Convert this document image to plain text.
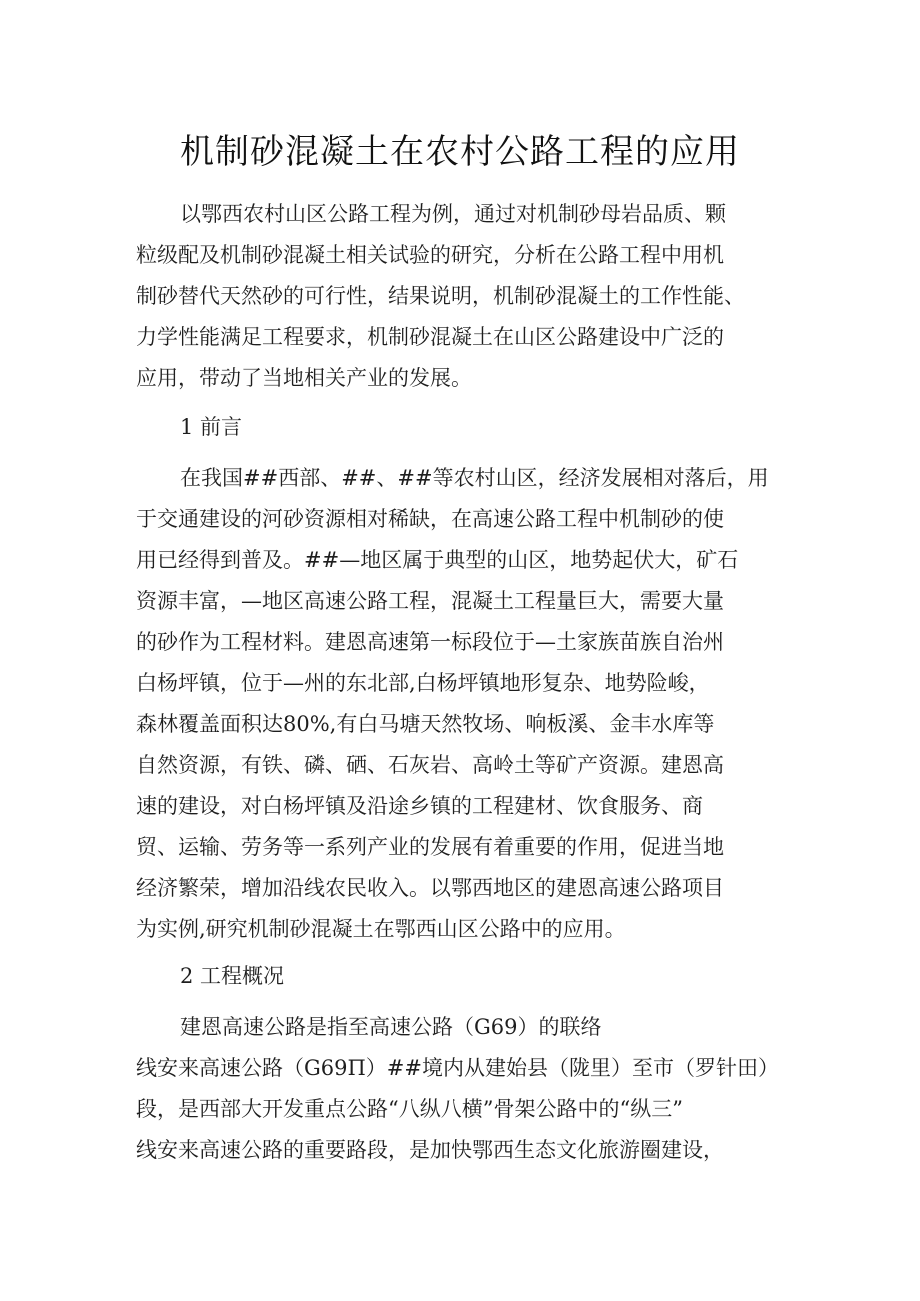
机制砂混凝土在农村公路工程的应用
以鄂西农村山区公路工程为例，通过对机制砂母岩品质、颗
粒级配及机制砂混凝土相关试验的研究，分析在公路工程中用机
制砂替代天然砂的可行性，结果说明，机制砂混凝土的工作性能、
力学性能满足工程要求，机制砂混凝土在山区公路建设中广泛的
应用，带动了当地相关产业的发展。
1 前言
在我国##西部、##、##等农村山区，经济发展相对落后，用
于交通建设的河砂资源相对稀缺，在高速公路工程中机制砂的使
用已经得到普及。##—地区属于典型的山区，地势起伏大，矿石
资源丰富，—地区高速公路工程，混凝土工程量巨大，需要大量
的砂作为工程材料。建恩高速第一标段位于—土家族苗族自治州
白杨坪镇，位于—州的东北部,白杨坪镇地形复杂、地势险峻，
森林覆盖面积达80%,有白马塘天然牧场、响板溪、金丰水库等
自然资源，有铁、磷、硒、石灰岩、高岭土等矿产资源。建恩高
速的建设，对白杨坪镇及沿途乡镇的工程建材、饮食服务、商
贸、运输、劳务等一系列产业的发展有着重要的作用，促进当地
经济繁荣，增加沿线农民收入。以鄂西地区的建恩高速公路项目
为实例,研究机制砂混凝土在鄂西山区公路中的应用。
2 工程概况
建恩高速公路是指至高速公路（G69）的联络
线安来高速公路（G69Π）##境内从建始县（陇里）至市（罗针田）
段，是西部大开发重点公路“八纵八横”骨架公路中的“纵三”
线安来高速公路的重要路段，是加快鄂西生态文化旅游圈建设，
